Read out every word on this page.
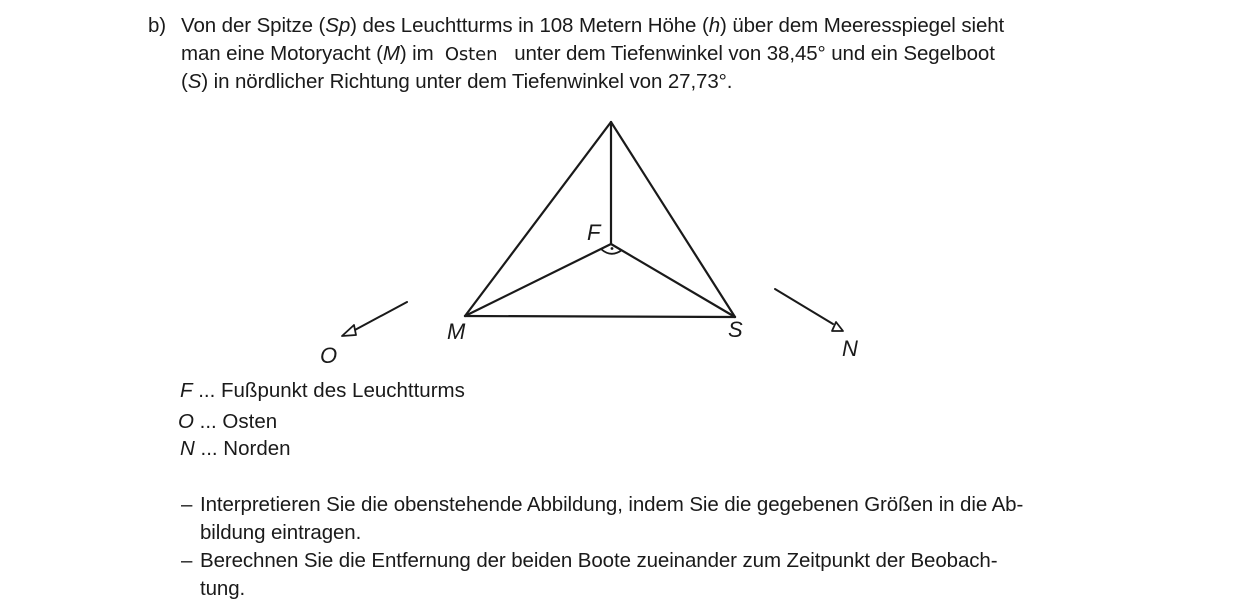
b) Von der Spitze (Sp) des Leuchtturms in 108 Metern Höhe (h) über dem Meeresspiegel sieht
man eine Motoryacht (M) im Osten unter dem Tiefenwinkel von 38,45° und ein Segelboot
(S) in nördlicher Richtung unter dem Tiefenwinkel von 27,73°.
F
M	S
O	N
F ... Fußpunkt des Leuchtturms
O ... Osten
N ... Norden
– Interpretieren Sie die obenstehende Abbildung, indem Sie die gegebenen Größen in die Ab-
bildung eintragen.
– Berechnen Sie die Entfernung der beiden Boote zueinander zum Zeitpunkt der Beobach-
tung.
